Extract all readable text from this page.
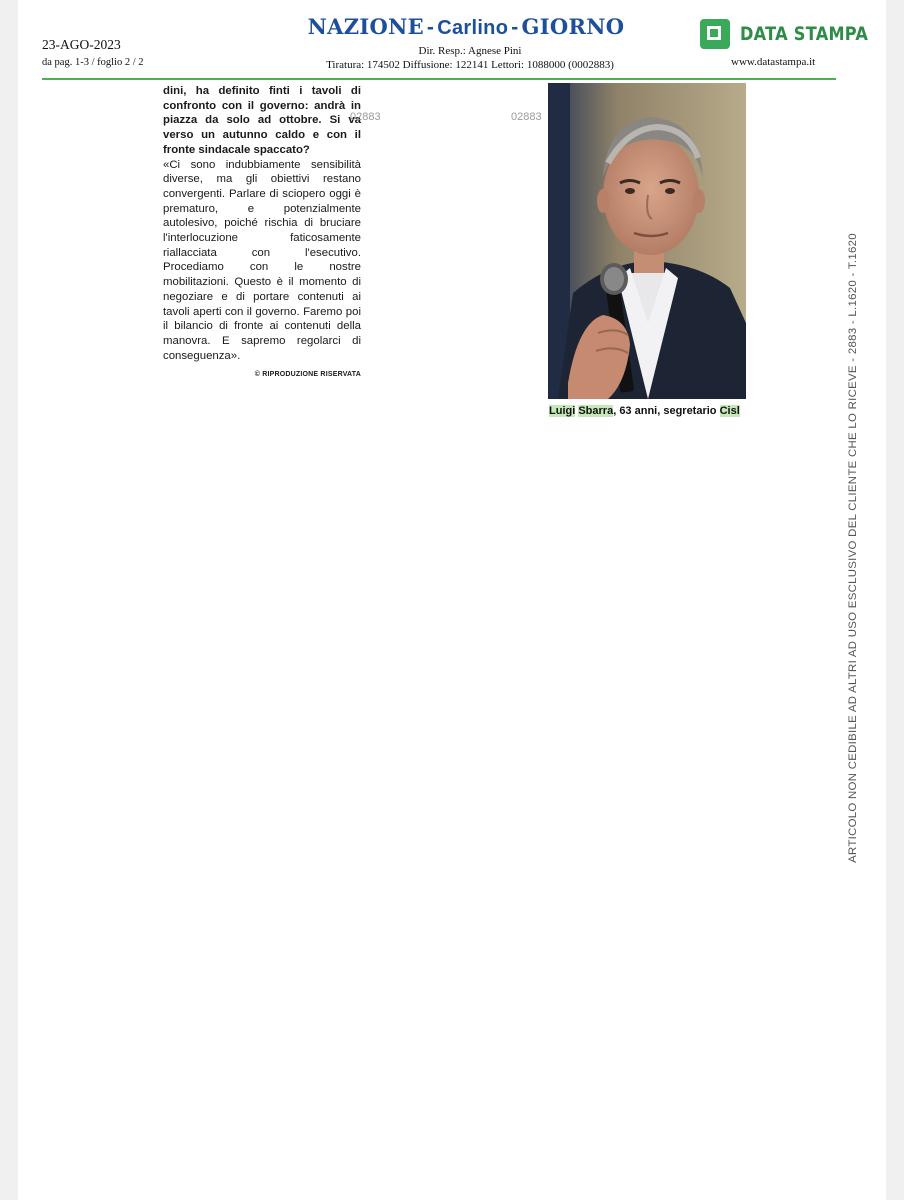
23-AGO-2023
da pag. 1-3 / foglio 2 / 2
NAZIONE - Carlino - GIORNO
Dir. Resp.: Agnese Pini
Tiratura: 174502 Diffusione: 122141 Lettori: 1088000 (0002883)
DATA STAMPA
www.datastampa.it
dini, ha definito finti i tavoli di confronto con il governo: andrà in piazza da solo ad ottobre. Si va verso un autunno caldo e con il fronte sindacale spaccato?
«Ci sono indubbiamente sensibilità diverse, ma gli obiettivi restano convergenti. Parlare di sciopero oggi è prematuro, e potenzialmente autolesivo, poiché rischia di bruciare l'interlocuzione faticosamente riallacciata con l'esecutivo. Procediamo con le nostre mobilitazioni. Questo è il momento di negoziare e di portare contenuti ai tavoli aperti con il governo. Faremo poi il bilancio di fronte ai contenuti della manovra. E sapremo regolarci di conseguenza».
© RIPRODUZIONE RISERVATA
02883	02883
Luigi Sbarra, 63 anni, segretario Cisl	ARTICOLO NON CEDIBILE AD ALTRI AD USO ESCLUSIVO DEL CLIENTE CHE LO RICEVE - 2883 - L.1620 - T.1620
